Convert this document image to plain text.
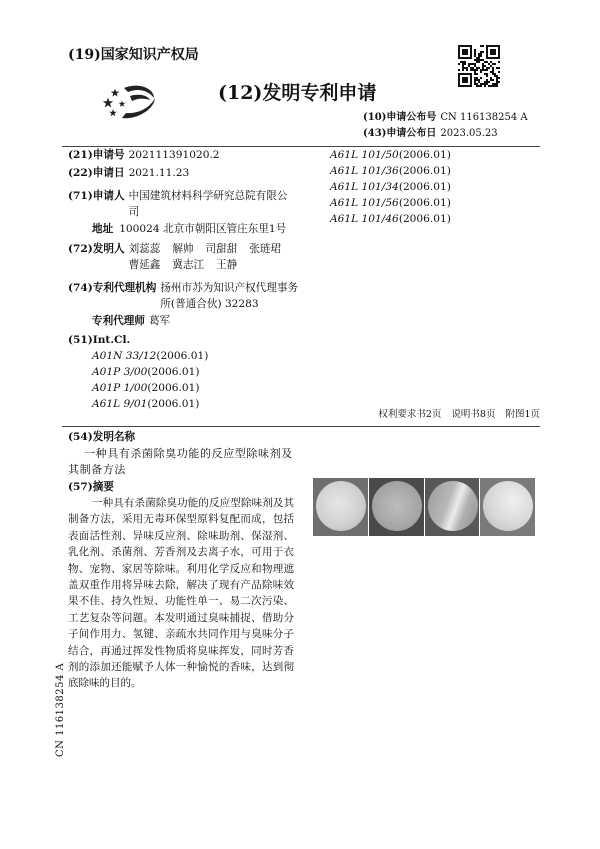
(19)国家知识产权局
(12)发明专利申请
(10)申请公布号 CN 116138254 A
(43)申请公布日 2023.05.23
(21)申请号 202111391020.2
(22)申请日 2021.11.23
(71)申请人 中国建筑材料科学研究总院有限公司
地址 100024 北京市朝阳区管庄东里1号
(72)发明人 刘蕊蕊 解帅 司甜甜 张琏珺曹延鑫 冀志江 王静
(74)专利代理机构 扬州市苏为知识产权代理事务所(普通合伙) 32283
专利代理师 葛军
(51)Int.Cl.
A01N 33/12(2006.01)
A01P 3/00(2006.01)
A01P 1/00(2006.01)
A61L 9/01(2006.01)
A61L 101/50(2006.01)
A61L 101/36(2006.01)
A61L 101/34(2006.01)
A61L 101/56(2006.01)
A61L 101/46(2006.01)
权利要求书2页 说明书8页 附图1页
(54)发明名称
一种具有杀菌除臭功能的反应型除味剂及其制备方法
(57)摘要
一种具有杀菌除臭功能的反应型除味剂及其制备方法，采用无毒环保型原料复配而成，包括表面活性剂、异味反应剂、除味助剂、保湿剂、乳化剂、杀菌剂、芳香剂及去离子水，可用于衣物、宠物、家居等除味。利用化学反应和物理遮盖双重作用将异味去除，解决了现有产品除味效果不佳、持久性短、功能性单一、易二次污染、工艺复杂等问题。本发明通过臭味捕捉、借助分子间作用力、氢键、亲疏水共同作用与臭味分子结合，再通过挥发性物质将臭味挥发，同时芳香剂的添加还能赋予人体一种愉悦的香味，达到彻底除味的目的。
CN 116138254 A
